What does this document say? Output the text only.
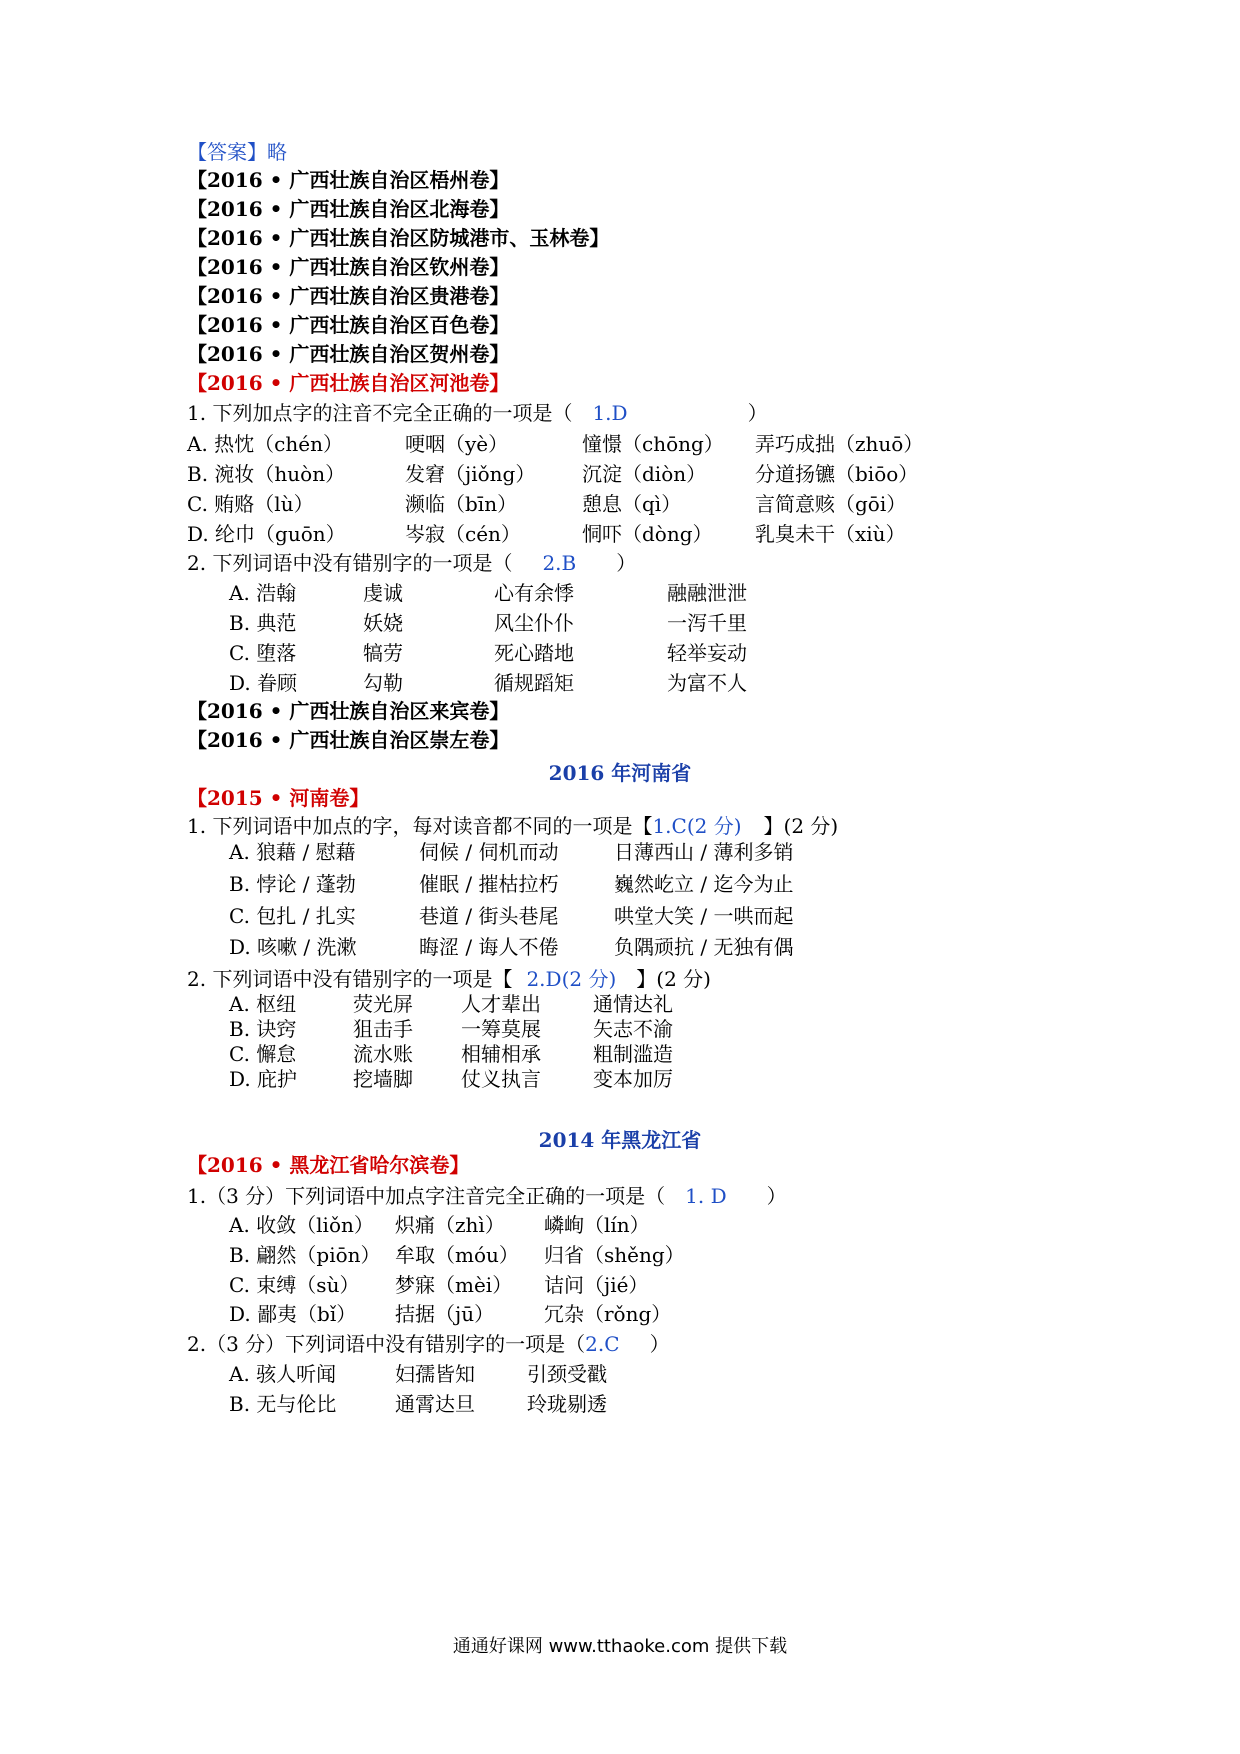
【答案】略
【2016 • 广西壮族自治区梧州卷】
【2016 • 广西壮族自治区北海卷】
【2016 • 广西壮族自治区防城港市、玉林卷】
【2016 • 广西壮族自治区钦州卷】
【2016 • 广西壮族自治区贵港卷】
【2016 • 广西壮族自治区百色卷】
【2016 • 广西壮族自治区贺州卷】
【2016 • 广西壮族自治区河池卷】
1. 下列加点字的注音不完全正确的一项是（ 1.D	）
A. 热忱（chén）	哽咽（yè）	憧憬（chōng） 弄巧成拙（zhuō）
B. 涴妆（huòn）	发窘（jiǒng） 沉淀（diòn） 分道扬镳（biōo）
C. 贿赂（lù）	濒临（bīn）	憩息（qì）	言简意赅（gōi）
D. 纶巾（guōn）	岑寂（cén）	恫吓（dòng） 乳臭未干（xiù）
2. 下列词语中没有错别字的一项是（ 2.B ）
A. 浩翰	虔诚	心有余悸	融融泄泄
B. 典范	妖娆	风尘仆仆	一泻千里
C. 堕落	犒劳	死心踏地	轻举妄动
D. 眷顾	勾勒	循规蹈矩	为富不人
【2016 • 广西壮族自治区来宾卷】
【2016 • 广西壮族自治区崇左卷】
2016 年河南省
【2015 • 河南卷】
1. 下列词语中加点的字，每对读音都不同的一项是【1.C(2 分) 】(2 分)
A. 狼藉 / 慰藉	伺候 / 伺机而动	日薄西山 / 薄利多销
B. 悖论 / 蓬勃	催眠 / 摧枯拉朽	巍然屹立 / 迄今为止
C. 包扎 / 扎实	巷道 / 街头巷尾	哄堂大笑 / 一哄而起
D. 咳嗽 / 洗漱	晦涩 / 诲人不倦	负隅顽抗 / 无独有偶
2. 下列词语中没有错别字的一项是【 2.D(2 分) 】(2 分)
A. 枢纽	荧光屏 人才辈出	通情达礼
B. 诀窍	狙击手 一筹莫展	矢志不渝
C. 懈怠	流水账 相辅相承	粗制滥造
D. 庇护	挖墙脚 仗义执言	变本加厉
2014 年黑龙江省
【2016 • 黑龙江省哈尔滨卷】
1.（3 分）下列词语中加点字注音完全正确的一项是（ 1. D ）
A. 收敛（liǒn） 炽痛（zhì） 嶙峋（lín）
B. 翩然（piōn） 牟取（móu） 归省（shěng）
C. 束缚（sù） 梦寐（mèi） 诘问（jié）
D. 鄙夷（bǐ） 拮据（jū） 冗杂（rǒng）
2.（3 分）下列词语中没有错别字的一项是（2.C ）
A. 骇人听闻	妇孺皆知	引颈受戳
B. 无与伦比	通霄达旦	玲珑剔透
通通好课网 www.tthaoke.com 提供下载
